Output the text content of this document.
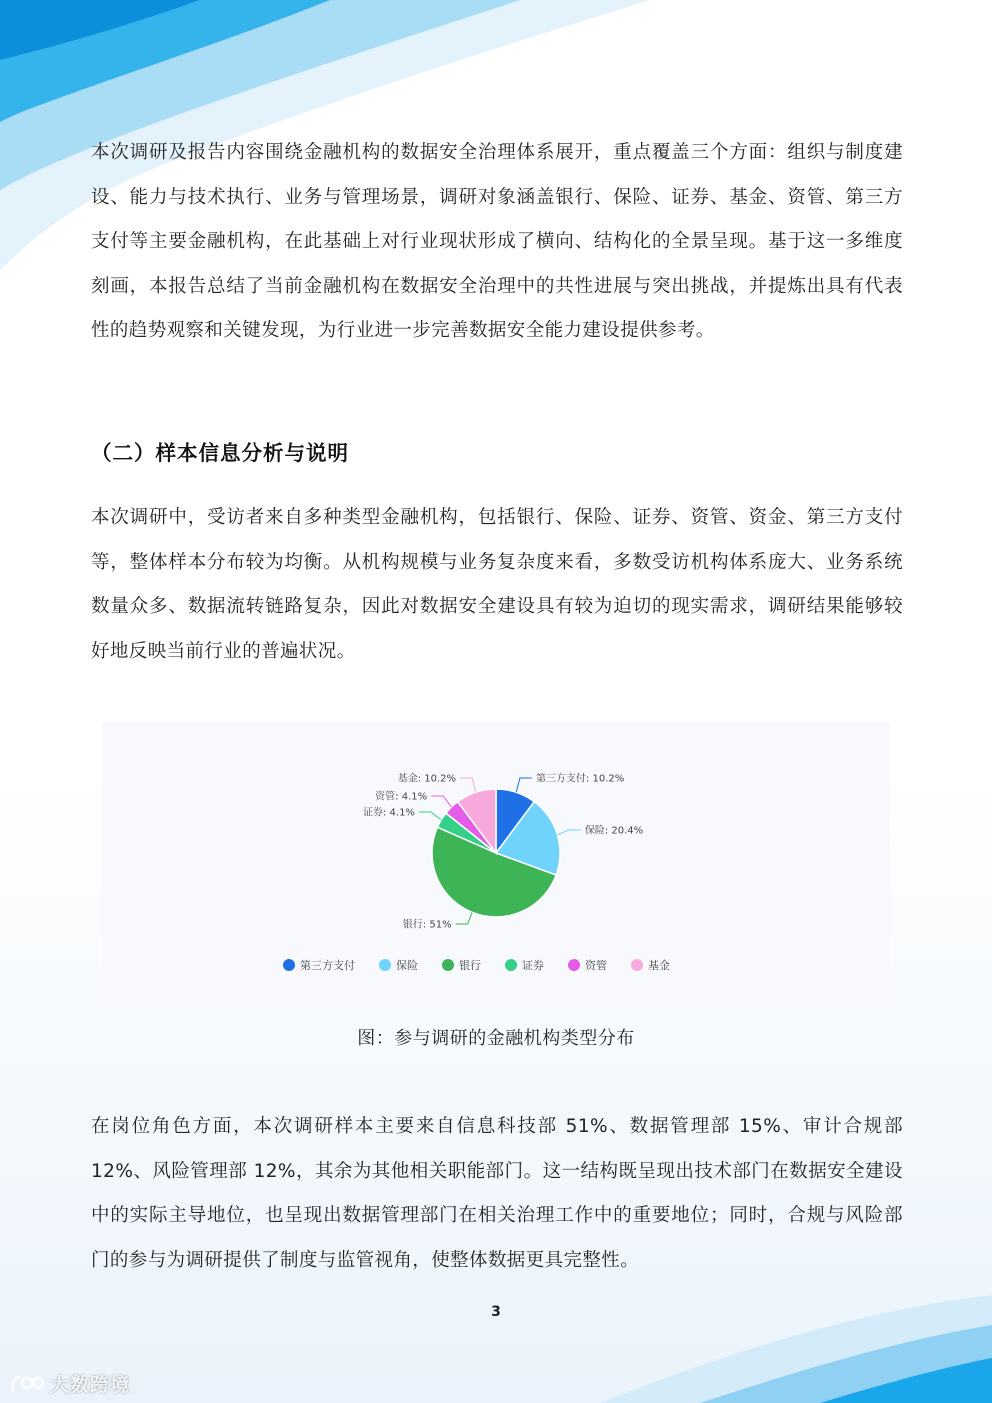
本次调研及报告内容围绕金融机构的数据安全治理体系展开，重点覆盖三个方面：组织与制度建设、能力与技术执行、业务与管理场景，调研对象涵盖银行、保险、证券、基金、资管、第三方支付等主要金融机构，在此基础上对行业现状形成了横向、结构化的全景呈现。基于这一多维度刻画，本报告总结了当前金融机构在数据安全治理中的共性进展与突出挑战，并提炼出具有代表性的趋势观察和关键发现，为行业进一步完善数据安全能力建设提供参考。

（二）样本信息分析与说明

本次调研中，受访者来自多种类型金融机构，包括银行、保险、证券、资管、资金、第三方支付等，整体样本分布较为均衡。从机构规模与业务复杂度来看，多数受访机构体系庞大、业务系统数量众多、数据流转链路复杂，因此对数据安全建设具有较为迫切的现实需求，调研结果能够较好地反映当前行业的普遍状况。

第三方支付: 10.2%
保险: 20.4%
银行: 51%
证券: 4.1%
资管: 4.1%
基金: 10.2%
第三方支付	保险	银行	证券	资管	基金
图：参与调研的金融机构类型分布

在岗位角色方面，本次调研样本主要来自信息科技部 51%、数据管理部 15%、审计合规部 12%、风险管理部 12%，其余为其他相关职能部门。这一结构既呈现出技术部门在数据安全建设中的实际主导地位，也呈现出数据管理部门在相关治理工作中的重要地位；同时，合规与风险部门的参与为调研提供了制度与监管视角，使整体数据更具完整性。

3
大数跨境
